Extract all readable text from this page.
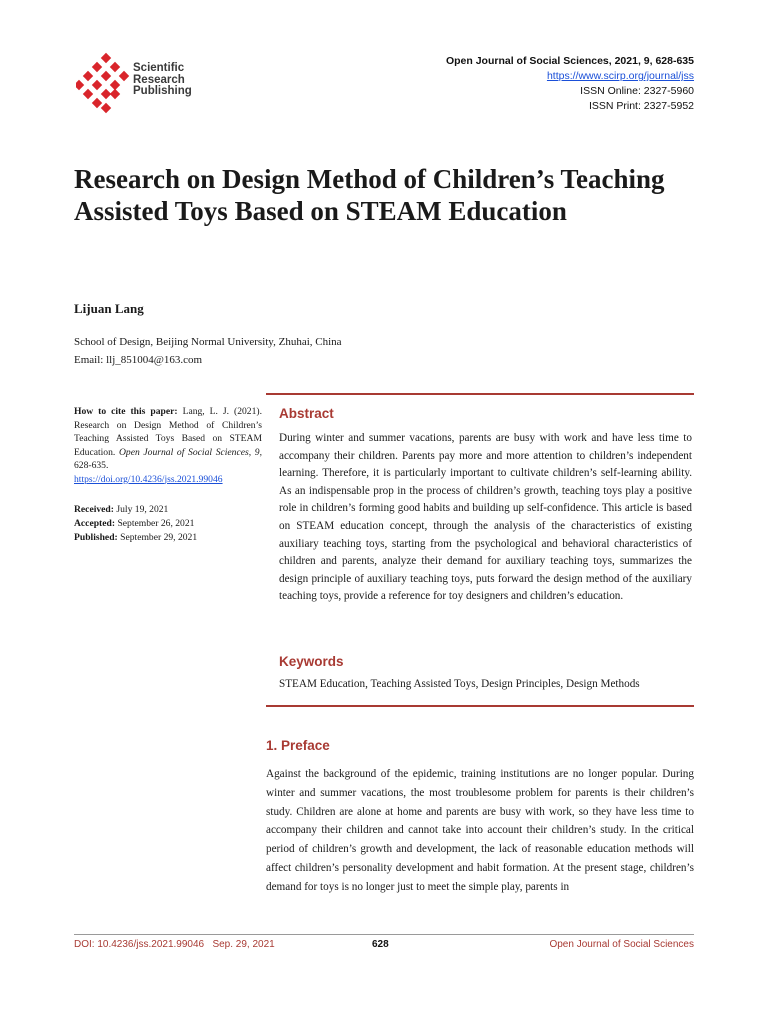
Scientific
Research
Publishing
Open Journal of Social Sciences, 2021, 9, 628-635
https://www.scirp.org/journal/jss
ISSN Online: 2327-5960
ISSN Print: 2327-5952
Research on Design Method of Children’s Teaching Assisted Toys Based on STEAM Education
Lijuan Lang
School of Design, Beijing Normal University, Zhuhai, China
Email: llj_851004@163.com
How to cite this paper: Lang, L. J. (2021). Research on Design Method of Children’s Teaching Assisted Toys Based on STEAM Education. Open Journal of Social Sciences, 9, 628-635.
https://doi.org/10.4236/jss.2021.99046
Received: July 19, 2021
Accepted: September 26, 2021
Published: September 29, 2021
Abstract
During winter and summer vacations, parents are busy with work and have less time to accompany their children. Parents pay more and more attention to children’s independent learning. Therefore, it is particularly important to cultivate children’s self-learning ability. As an indispensable prop in the process of children’s growth, teaching toys play a positive role in children’s forming good habits and building up self-confidence. This article is based on STEAM education concept, through the analysis of the characteristics of existing auxiliary teaching toys, starting from the psychological and behavioral characteristics of children and parents, analyze their demand for auxiliary teaching toys, summarizes the design principle of auxiliary teaching toys, puts forward the design method of the auxiliary teaching toys, provide a reference for toy designers and children’s education.
Keywords
STEAM Education, Teaching Assisted Toys, Design Principles, Design Methods
1. Preface
Against the background of the epidemic, training institutions are no longer popular. During winter and summer vacations, the most troublesome problem for parents is their children’s study. Children are alone at home and parents are busy with work, so they have less time to accompany their children and cannot take into account their children’s study. In the critical period of children’s growth and development, the lack of reasonable education methods will affect children’s personality development and habit formation. At the present stage, children’s demand for toys is no longer just to meet the simple play, parents in
DOI: 10.4236/jss.2021.99046 Sep. 29, 2021	628	Open Journal of Social Sciences
